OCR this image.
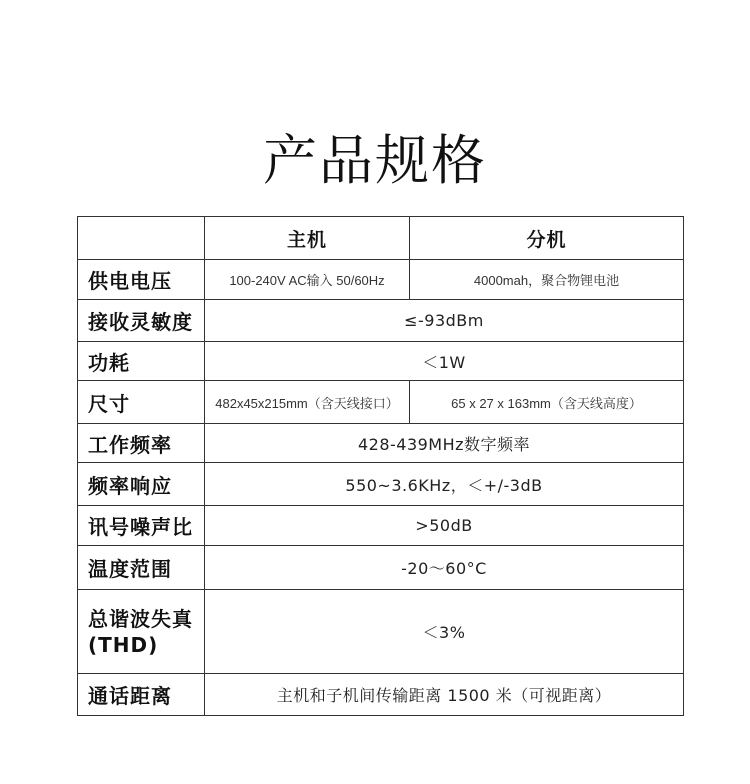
产品规格
	主机	分机
供电电压	100-240V AC输入 50/60Hz	4000mah，聚合物锂电池
接收灵敏度	≤-93dBm	
功耗	＜1W	
尺寸	482x45x215mm（含天线接口）	65 x 27 x 163mm（含天线高度）
工作频率	428-439MHz数字频率	
频率响应	550~3.6KHz，＜+/-3dB	
讯号噪声比	>50dB	
温度范围	-20～60°C	

总谐波失真
(THD)	＜3%	
通话距离	主机和子机间传输距离 1500 米（可视距离）	
